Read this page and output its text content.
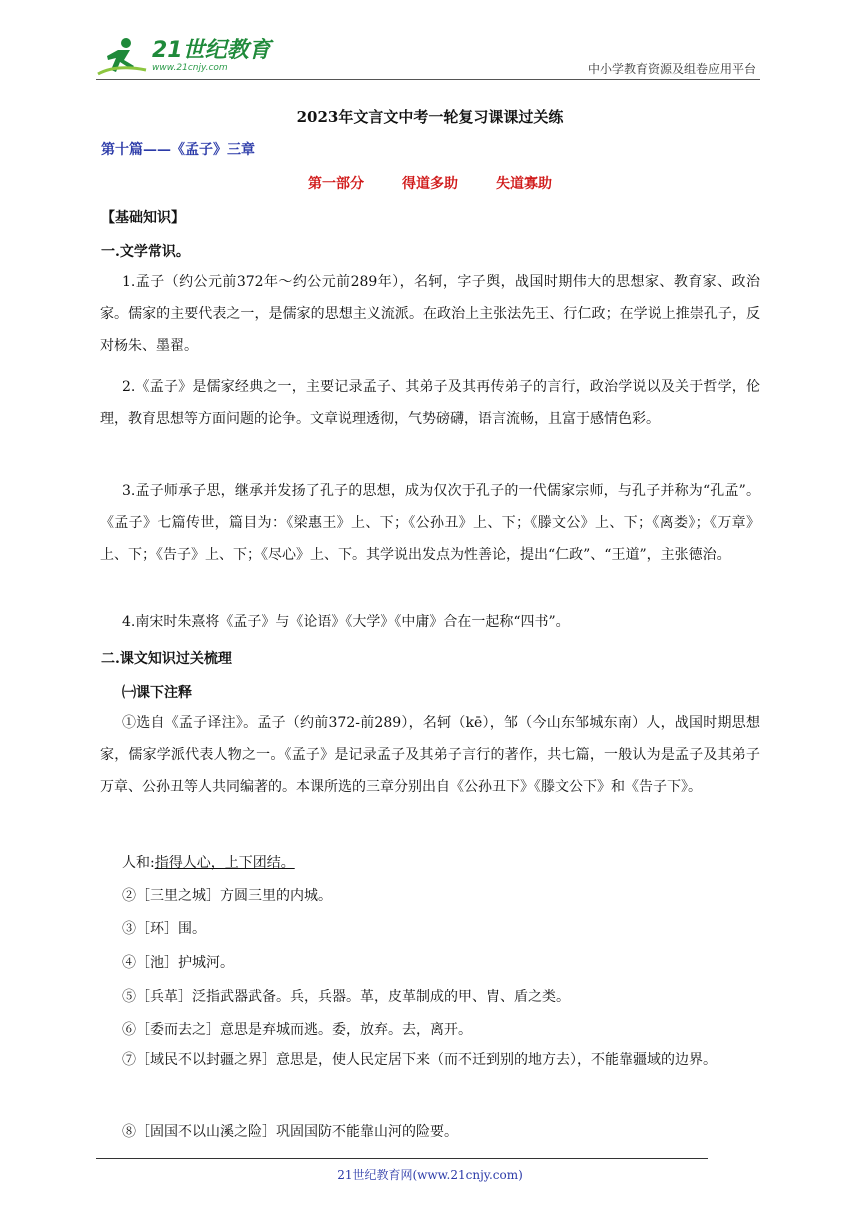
21世纪教育
www.21cnjy.com	中小学教育资源及组卷应用平台
2023年文言文中考一轮复习课课过关练
第十篇——《孟子》三章
第一部分	得道多助	失道寡助
【基础知识】
一.文学常识。
1.孟子（约公元前372年～约公元前289年），名轲，字子舆，战国时期伟大的思想家、教育家、政治家。儒家的主要代表之一，是儒家的思想主义流派。在政治上主张法先王、行仁政；在学说上推崇孔子，反对杨朱、墨翟。
2.《孟子》是儒家经典之一，主要记录孟子、其弟子及其再传弟子的言行，政治学说以及关于哲学，伦理，教育思想等方面问题的论争。文章说理透彻，气势磅礴，语言流畅，且富于感情色彩。
3.孟子师承子思，继承并发扬了孔子的思想，成为仅次于孔子的一代儒家宗师，与孔子并称为“孔孟”。《孟子》七篇传世，篇目为：《梁惠王》上、下；《公孙丑》上、下；《滕文公》上、下；《离娄》；《万章》上、下；《告子》上、下；《尽心》上、下。其学说出发点为性善论，提出“仁政”、“王道”，主张德治。
4.南宋时朱熹将《孟子》与《论语》《大学》《中庸》合在一起称“四书”。
二.课文知识过关梳理
㈠课下注释
①选自《孟子译注》。孟子（约前372-前289），名轲（kē），邹（今山东邹城东南）人，战国时期思想家，儒家学派代表人物之一。《孟子》是记录孟子及其弟子言行的著作，共七篇，一般认为是孟子及其弟子万章、公孙丑等人共同编著的。本课所选的三章分别出自《公孙丑下》《滕文公下》和《告子下》。
人和:指得人心，上下团结。
②［三里之城］方圆三里的内城。
③［环］围。
④［池］护城河。
⑤［兵革］泛指武器武备。兵，兵器。革，皮革制成的甲、胄、盾之类。
⑥［委而去之］意思是弃城而逃。委，放弃。去，离开。
⑦［域民不以封疆之界］意思是，使人民定居下来（而不迁到别的地方去），不能靠疆域的边界。
⑧［固国不以山溪之险］巩固国防不能靠山河的险要。
21世纪教育网(www.21cnjy.com)
